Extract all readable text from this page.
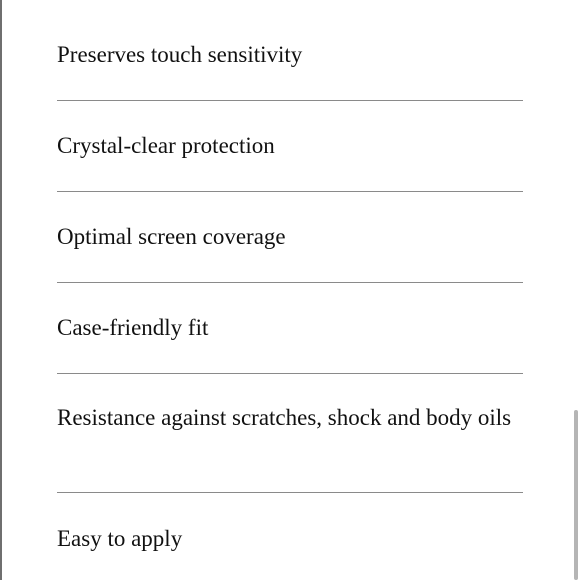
Preserves touch sensitivity
Crystal-clear protection
Optimal screen coverage
Case-friendly fit
Resistance against scratches, shock and body oils
Easy to apply
